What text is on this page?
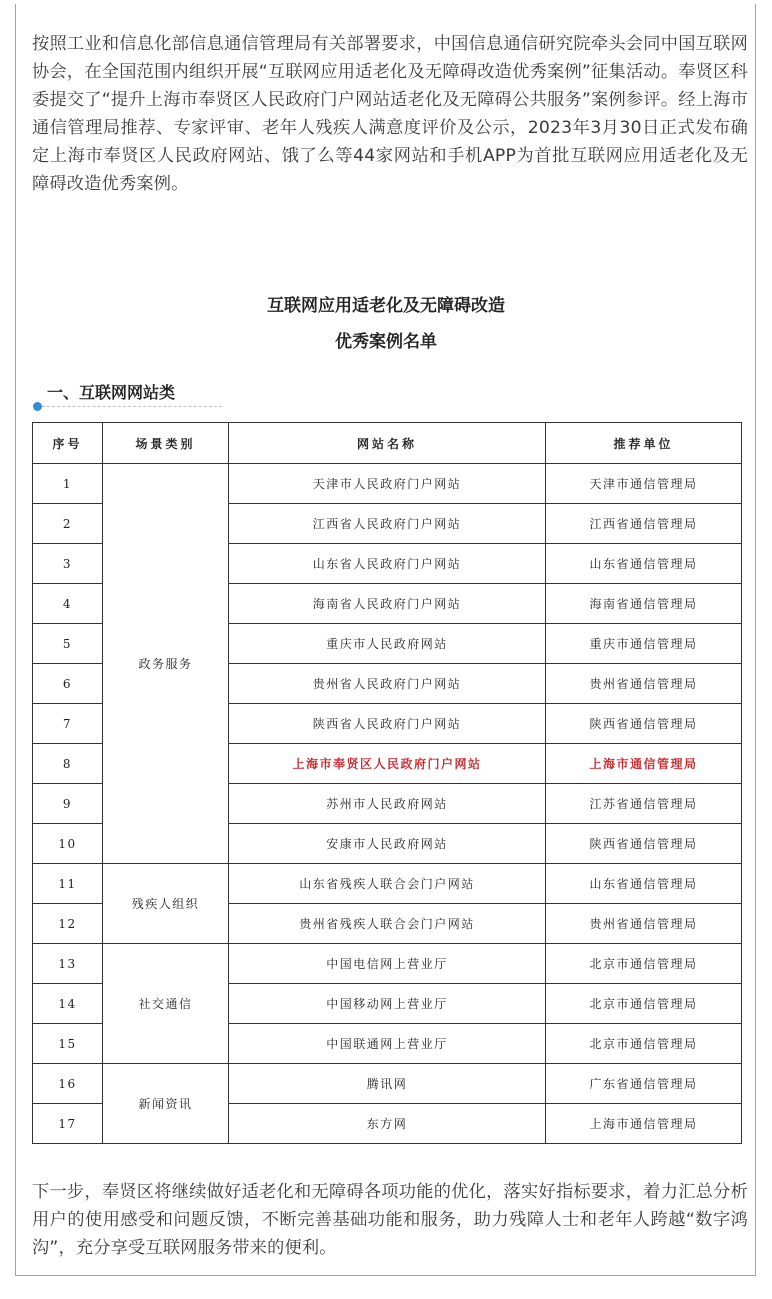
按照工业和信息化部信息通信管理局有关部署要求，中国信息通信研究院牵头会同中国互联网协会，在全国范围内组织开展“互联网应用适老化及无障碍改造优秀案例”征集活动。奉贤区科委提交了“提升上海市奉贤区人民政府门户网站适老化及无障碍公共服务”案例参评。经上海市通信管理局推荐、专家评审、老年人残疾人满意度评价及公示，2023年3月30日正式发布确定上海市奉贤区人民政府网站、饿了么等44家网站和手机APP为首批互联网应用适老化及无障碍改造优秀案例。

互联网应用适老化及无障碍改造

优秀案例名单

一、互联网网站类
序号	场景类别	网站名称	推荐单位
1	政务服务	天津市人民政府门户网站	天津市通信管理局
2		江西省人民政府门户网站	江西省通信管理局
3		山东省人民政府门户网站	山东省通信管理局
4		海南省人民政府门户网站	海南省通信管理局
5		重庆市人民政府网站	重庆市通信管理局
6		贵州省人民政府门户网站	贵州省通信管理局
7		陕西省人民政府门户网站	陕西省通信管理局
8		上海市奉贤区人民政府门户网站	上海市通信管理局
9		苏州市人民政府网站	江苏省通信管理局
10		安康市人民政府网站	陕西省通信管理局
11	残疾人组织	山东省残疾人联合会门户网站	山东省通信管理局
12		贵州省残疾人联合会门户网站	贵州省通信管理局
13	社交通信	中国电信网上营业厅	北京市通信管理局
14		中国移动网上营业厅	北京市通信管理局
15		中国联通网上营业厅	北京市通信管理局
16	新闻资讯	腾讯网	广东省通信管理局
17		东方网	上海市通信管理局

下一步，奉贤区将继续做好适老化和无障碍各项功能的优化，落实好指标要求，着力汇总分析用户的使用感受和问题反馈，不断完善基础功能和服务，助力残障人士和老年人跨越“数字鸿沟”，充分享受互联网服务带来的便利。
